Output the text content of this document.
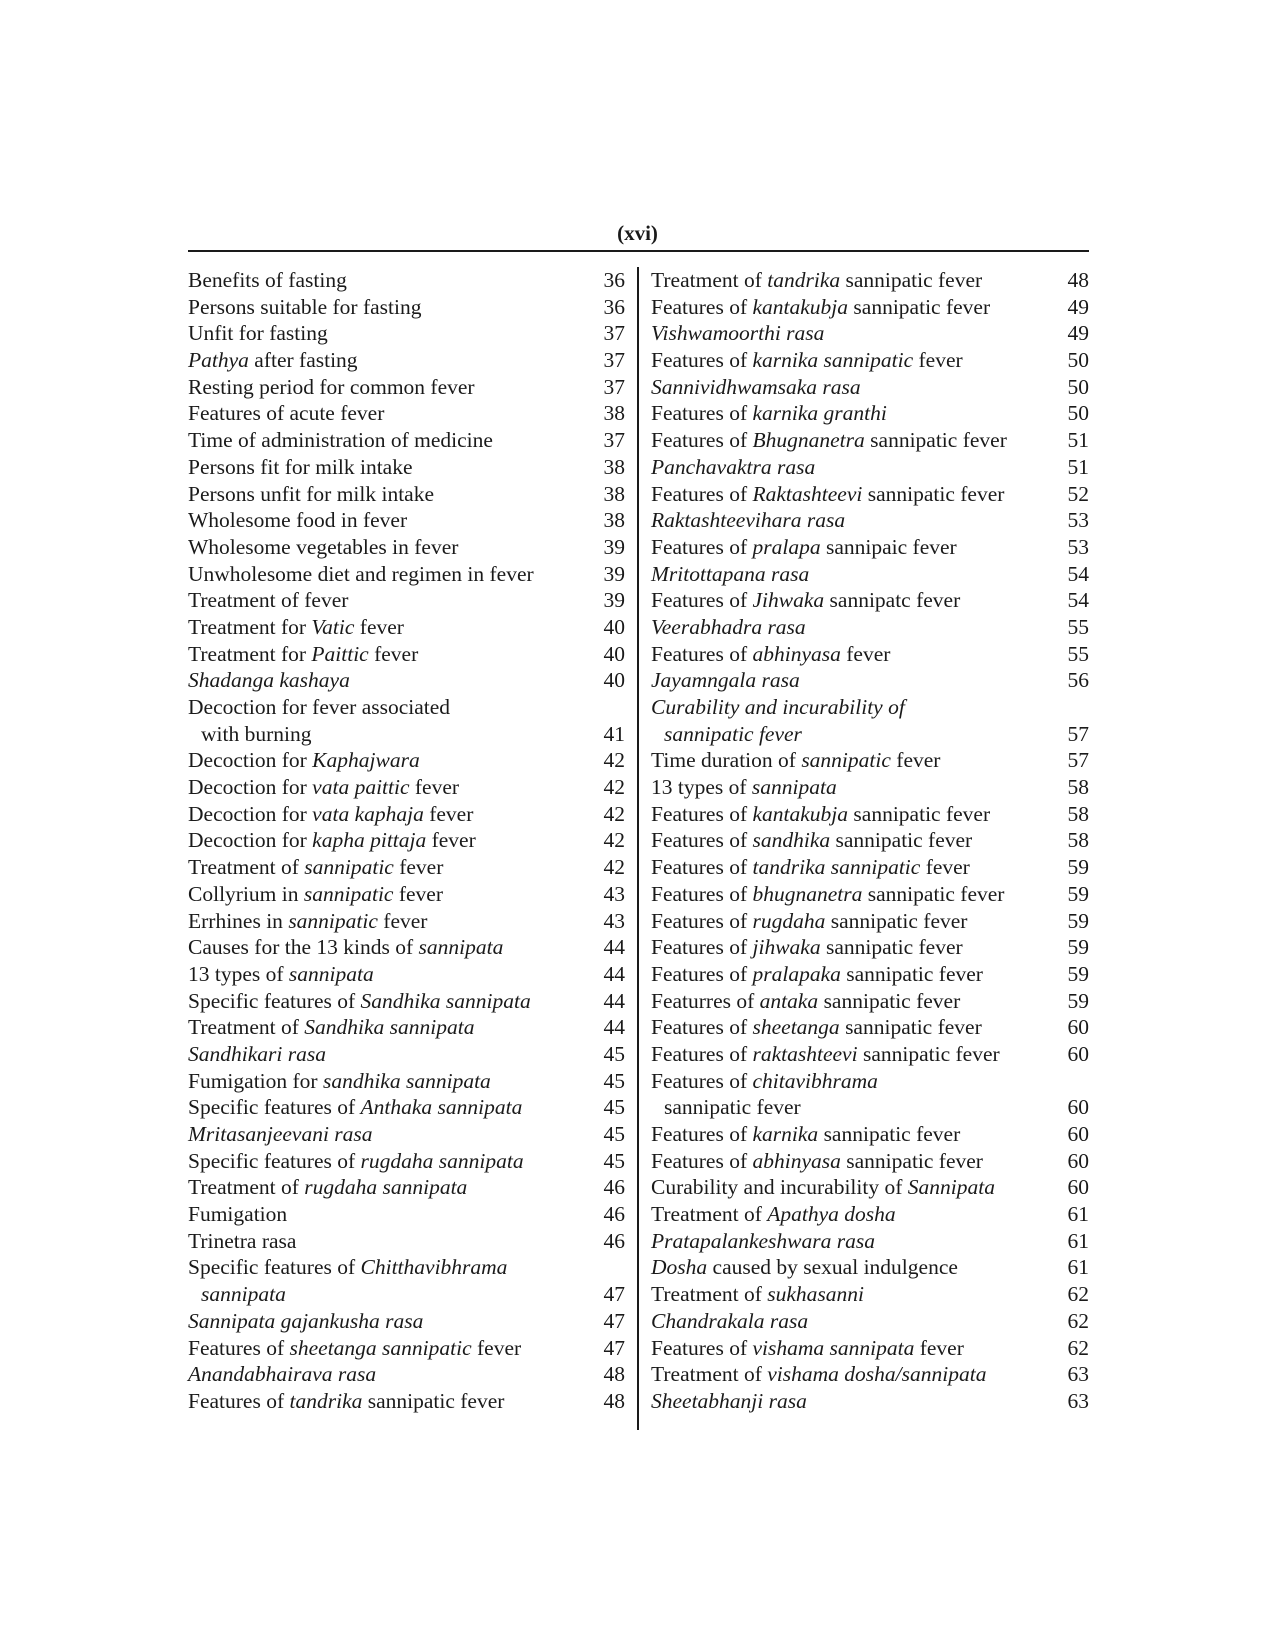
(xvi)
Benefits of fasting	36
Persons suitable for fasting	36
Unfit for fasting	37
Pathya after fasting	37
Resting period for common fever	37
Features of acute fever	38
Time of administration of medicine	37
Persons fit for milk intake	38
Persons unfit for milk intake	38
Wholesome food in fever	38
Wholesome vegetables in fever	39
Unwholesome diet and regimen in fever	39
Treatment of fever	39
Treatment for Vatic fever	40
Treatment for Paittic fever	40
Shadanga kashaya	40
Decoction for fever associated
with burning	41
Decoction for Kaphajwara	42
Decoction for vata paittic fever	42
Decoction for vata kaphaja fever	42
Decoction for kapha pittaja fever	42
Treatment of sannipatic fever	42
Collyrium in sannipatic fever	43
Errhines in sannipatic fever	43
Causes for the 13 kinds of sannipata	44
13 types of sannipata	44
Specific features of Sandhika sannipata	44
Treatment of Sandhika sannipata	44
Sandhikari rasa	45
Fumigation for sandhika sannipata	45
Specific features of Anthaka sannipata	45
Mritasanjeevani rasa	45
Specific features of rugdaha sannipata	45
Treatment of rugdaha sannipata	46
Fumigation	46
Trinetra rasa	46
Specific features of Chitthavibhrama
sannipata	47
Sannipata gajankusha rasa	47
Features of sheetanga sannipatic fever	47
Anandabhairava rasa	48
Features of tandrika sannipatic fever	48
Treatment of tandrika sannipatic fever	48
Features of kantakubja sannipatic fever	49
Vishwamoorthi rasa	49
Features of karnika sannipatic fever	50
Sannividhwamsaka rasa	50
Features of karnika granthi	50
Features of Bhugnanetra sannipatic fever	51
Panchavaktra rasa	51
Features of Raktashteevi sannipatic fever	52
Raktashteevihara rasa	53
Features of pralapa sannipaic fever	53
Mritottapana rasa	54
Features of Jihwaka sannipatc fever	54
Veerabhadra rasa	55
Features of abhinyasa fever	55
Jayamngala rasa	56
Curability and incurability of
sannipatic fever	57
Time duration of sannipatic fever	57
13 types of sannipata	58
Features of kantakubja sannipatic fever	58
Features of sandhika sannipatic fever	58
Features of tandrika sannipatic fever	59
Features of bhugnanetra sannipatic fever	59
Features of rugdaha sannipatic fever	59
Features of jihwaka sannipatic fever	59
Features of pralapaka sannipatic fever	59
Featurres of antaka sannipatic fever	59
Features of sheetanga sannipatic fever	60
Features of raktashteevi sannipatic fever	60
Features of chitavibhrama
sannipatic fever	60
Features of karnika sannipatic fever	60
Features of abhinyasa sannipatic fever	60
Curability and incurability of Sannipata	60
Treatment of Apathya dosha	61
Pratapalankeshwara rasa	61
Dosha caused by sexual indulgence	61
Treatment of sukhasanni	62
Chandrakala rasa	62
Features of vishama sannipata fever	62
Treatment of vishama dosha/sannipata	63
Sheetabhanji rasa	63
